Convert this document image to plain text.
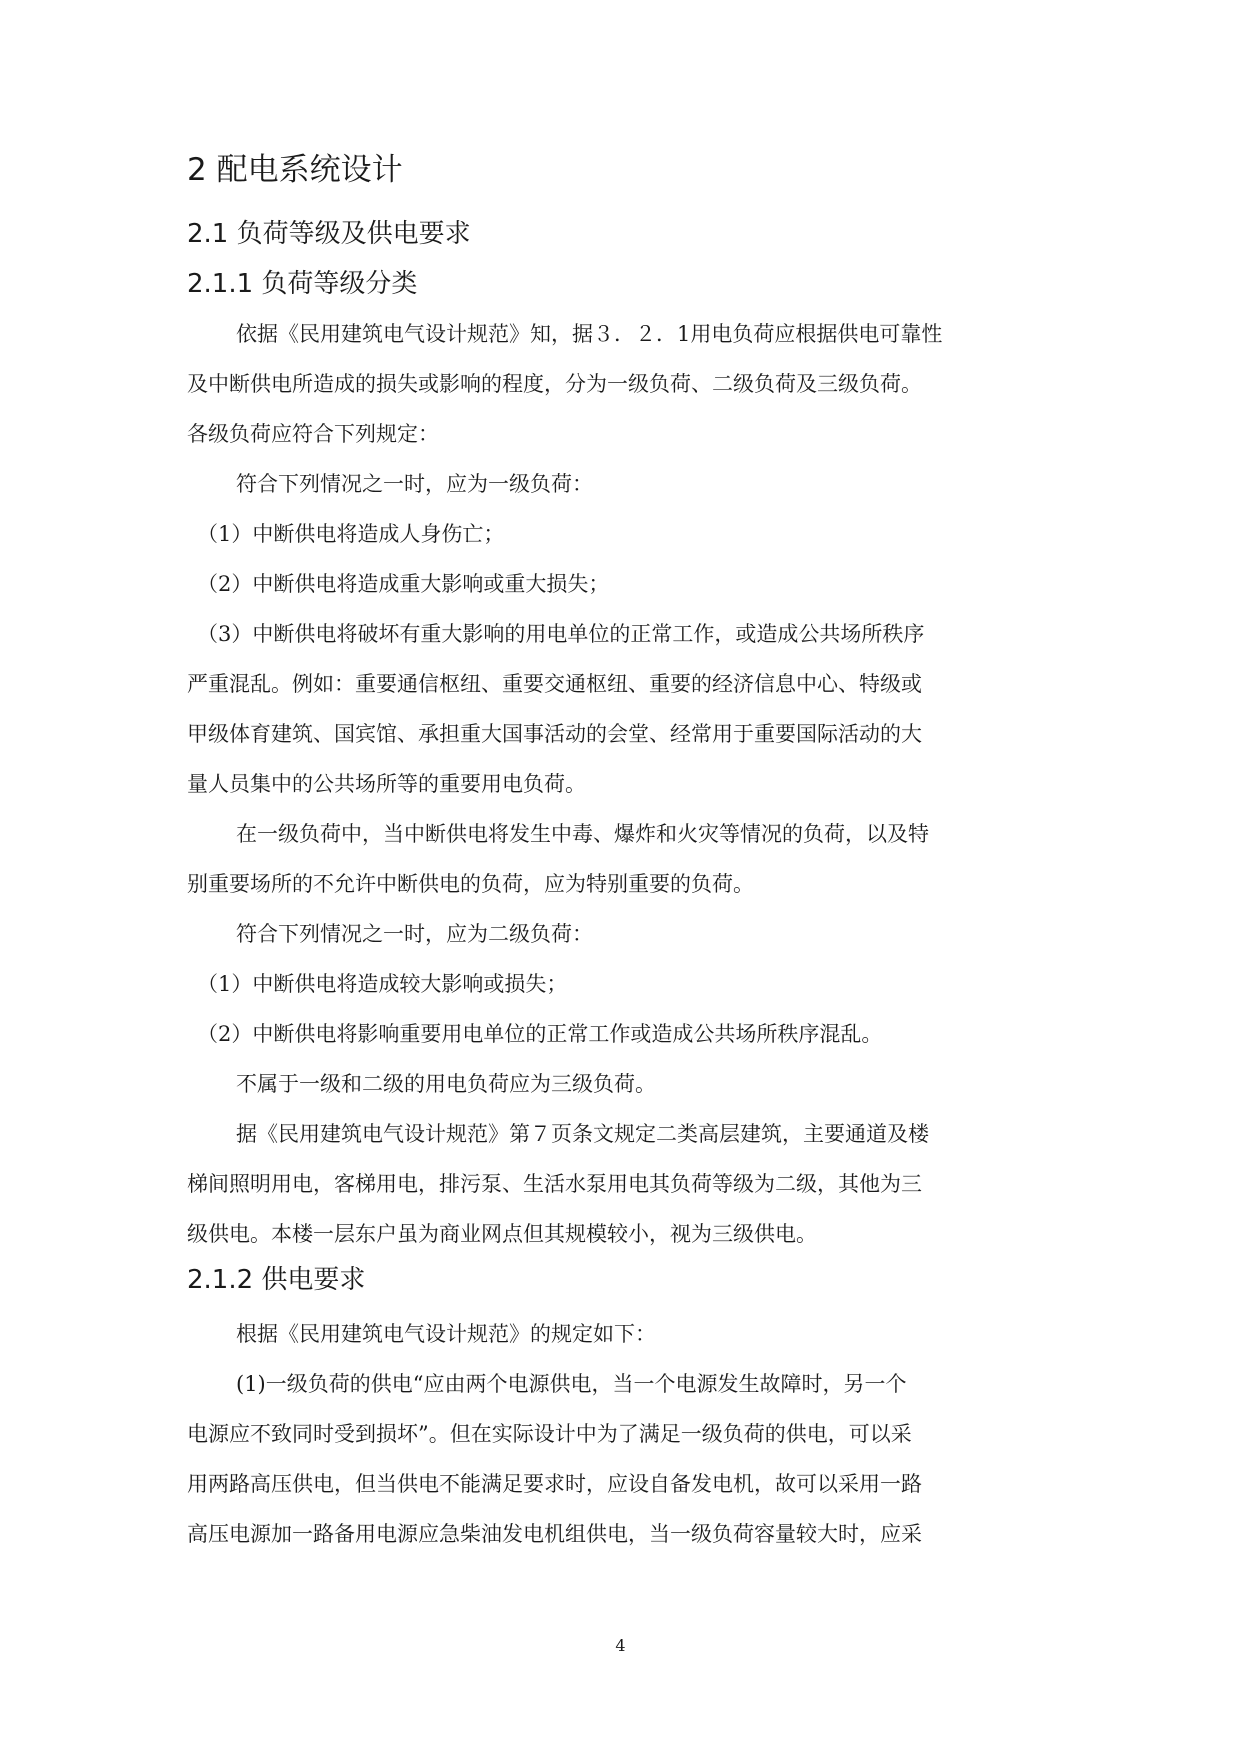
2 配电系统设计
2.1 负荷等级及供电要求
2.1.1 负荷等级分类

依据《民用建筑电气设计规范》知，据３．２．1用电负荷应根据供电可靠性

及中断供电所造成的损失或影响的程度，分为一级负荷、二级负荷及三级负荷。

各级负荷应符合下列规定：

符合下列情况之一时，应为一级负荷：

（1）中断供电将造成人身伤亡；

（2）中断供电将造成重大影响或重大损失；

（3）中断供电将破坏有重大影响的用电单位的正常工作，或造成公共场所秩序

严重混乱。例如：重要通信枢纽、重要交通枢纽、重要的经济信息中心、特级或

甲级体育建筑、国宾馆、承担重大国事活动的会堂、经常用于重要国际活动的大

量人员集中的公共场所等的重要用电负荷。

在一级负荷中，当中断供电将发生中毒、爆炸和火灾等情况的负荷，以及特

别重要场所的不允许中断供电的负荷，应为特别重要的负荷。

符合下列情况之一时，应为二级负荷：

（1）中断供电将造成较大影响或损失；

（2）中断供电将影响重要用电单位的正常工作或造成公共场所秩序混乱。

不属于一级和二级的用电负荷应为三级负荷。

据《民用建筑电气设计规范》第７页条文规定二类高层建筑，主要通道及楼

梯间照明用电，客梯用电，排污泵、生活水泵用电其负荷等级为二级，其他为三

级供电。本楼一层东户虽为商业网点但其规模较小，视为三级供电。

2.1.2 供电要求

根据《民用建筑电气设计规范》的规定如下：

(1)一级负荷的供电“应由两个电源供电，当一个电源发生故障时，另一个

电源应不致同时受到损坏”。但在实际设计中为了满足一级负荷的供电，可以采

用两路高压供电，但当供电不能满足要求时，应设自备发电机，故可以采用一路

高压电源加一路备用电源应急柴油发电机组供电，当一级负荷容量较大时，应采

4
